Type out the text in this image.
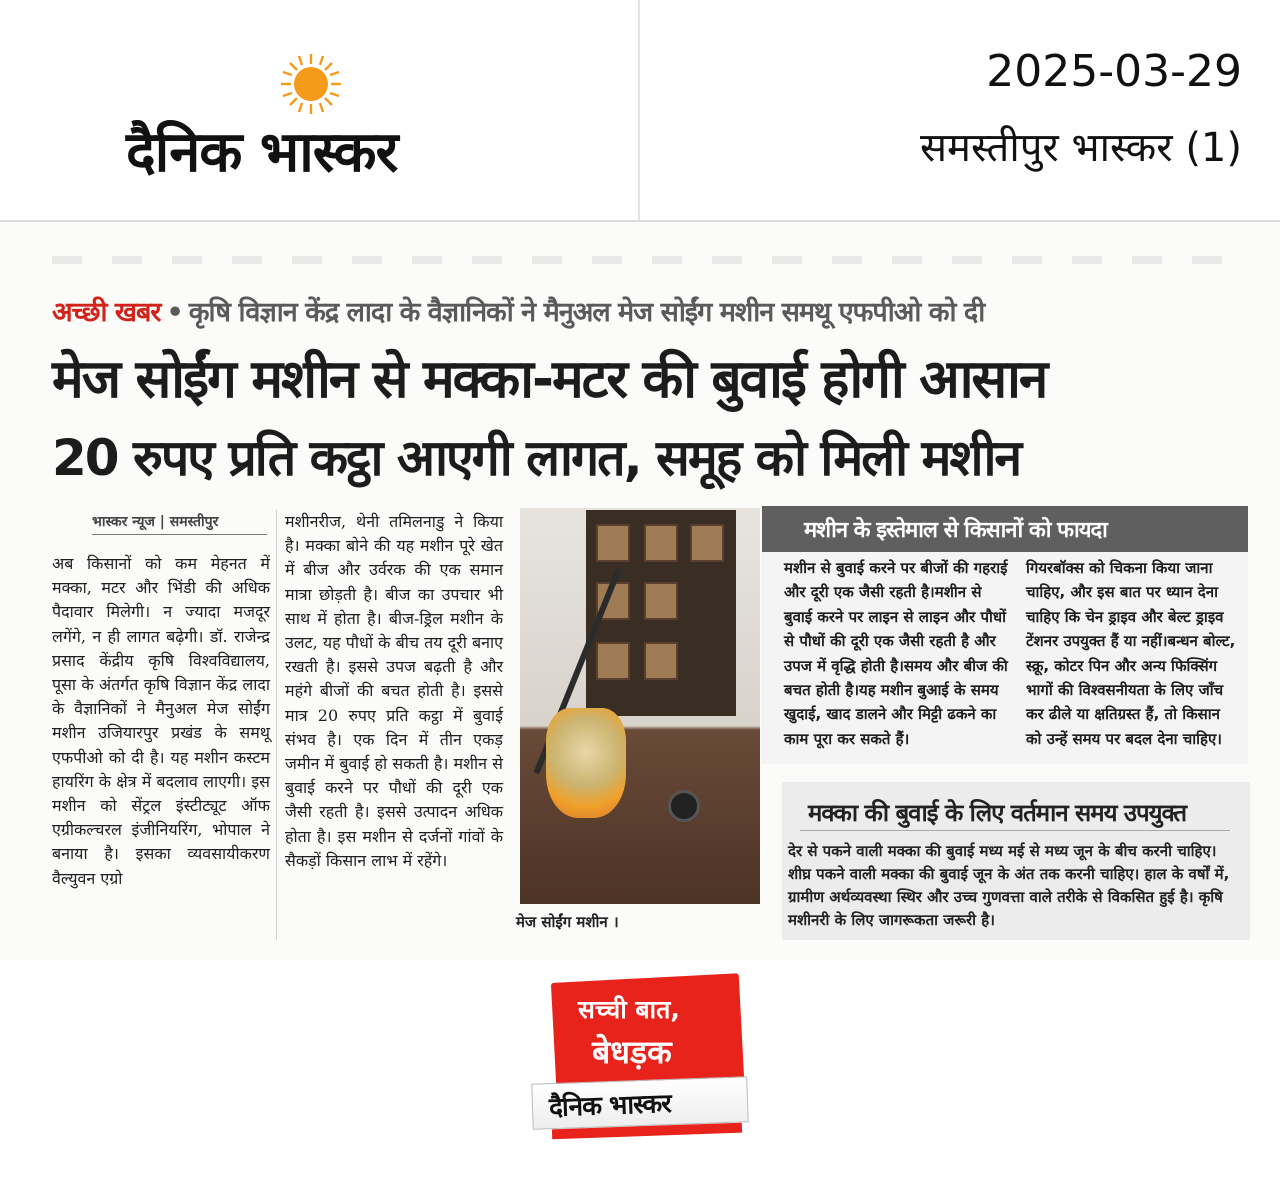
दैनिक भास्कर
2025-03-29
समस्तीपुर भास्कर (1)
अच्छी खबर • कृषि विज्ञान केंद्र लादा के वैज्ञानिकों ने मैनुअल मेज सोईंग मशीन समथू एफपीओ को दी
मेज सोईंग मशीन से मक्का-मटर की बुवाई होगी आसान
20 रुपए प्रति कट्ठा आएगी लागत, समूह को मिली मशीन
भास्कर न्यूज | समस्तीपुर
अब किसानों को कम मेहनत में मक्का, मटर और भिंडी की अधिक पैदावार मिलेगी। न ज्यादा मजदूर लगेंगे, न ही लागत बढ़ेगी। डॉ. राजेन्द्र प्रसाद केंद्रीय कृषि विश्वविद्यालय, पूसा के अंतर्गत कृषि विज्ञान केंद्र लादा के वैज्ञानिकों ने मैनुअल मेज सोईंग मशीन उजियारपुर प्रखंड के समथू एफपीओ को दी है। यह मशीन कस्टम हायरिंग के क्षेत्र में बदलाव लाएगी। इस मशीन को सेंट्रल इंस्टीट्यूट ऑफ एग्रीकल्चरल इंजीनियरिंग, भोपाल ने बनाया है। इसका व्यवसायीकरण वैल्युवन एग्रो
मशीनरीज, थेनी तमिलनाडु ने किया है। मक्का बोने की यह मशीन पूरे खेत में बीज और उर्वरक की एक समान मात्रा छोड़ती है। बीज का उपचार भी साथ में होता है। बीज-ड्रिल मशीन के उलट, यह पौधों के बीच तय दूरी बनाए रखती है। इससे उपज बढ़ती है और महंगे बीजों की बचत होती है। इससे मात्र 20 रुपए प्रति कट्ठा में बुवाई संभव है। एक दिन में तीन एकड़ जमीन में बुवाई हो सकती है। मशीन से बुवाई करने पर पौधों की दूरी एक जैसी रहती है। इससे उत्पादन अधिक होता है। इस मशीन से दर्जनों गांवों के सैकड़ों किसान लाभ में रहेंगे।
मेज सोईंग मशीन ।
मशीन के इस्तेमाल से किसानों को फायदा
मशीन से बुवाई करने पर बीजों की गहराई और दूरी एक जैसी रहती है।मशीन से बुवाई करने पर लाइन से लाइन और पौधों से पौधों की दूरी एक जैसी रहती है और उपज में वृद्धि होती है।समय और बीज की बचत होती है।यह मशीन बुआई के समय खुदाई, खाद डालने और मिट्टी ढकने का काम पूरा कर सकते हैं।
गियरबॉक्स को चिकना किया जाना चाहिए, और इस बात पर ध्यान देना चाहिए कि चेन ड्राइव और बेल्ट ड्राइव टेंशनर उपयुक्त हैं या नहीं।बन्धन बोल्ट, स्क्रू, कोटर पिन और अन्य फिक्सिंग भागों की विश्वसनीयता के लिए जाँच कर ढीले या क्षतिग्रस्त हैं, तो किसान को उन्हें समय पर बदल देना चाहिए।
मक्का की बुवाई के लिए वर्तमान समय उपयुक्त
देर से पकने वाली मक्का की बुवाई मध्य मई से मध्य जून के बीच करनी चाहिए।शीघ्र पकने वाली मक्का की बुवाई जून के अंत तक करनी चाहिए। हाल के वर्षों में, ग्रामीण अर्थव्यवस्था स्थिर और उच्च गुणवत्ता वाले तरीके से विकसित हुई है। कृषि मशीनरी के लिए जागरूकता जरूरी है।
सच्ची बात,
बेधड़क
दैनिक भास्कर
